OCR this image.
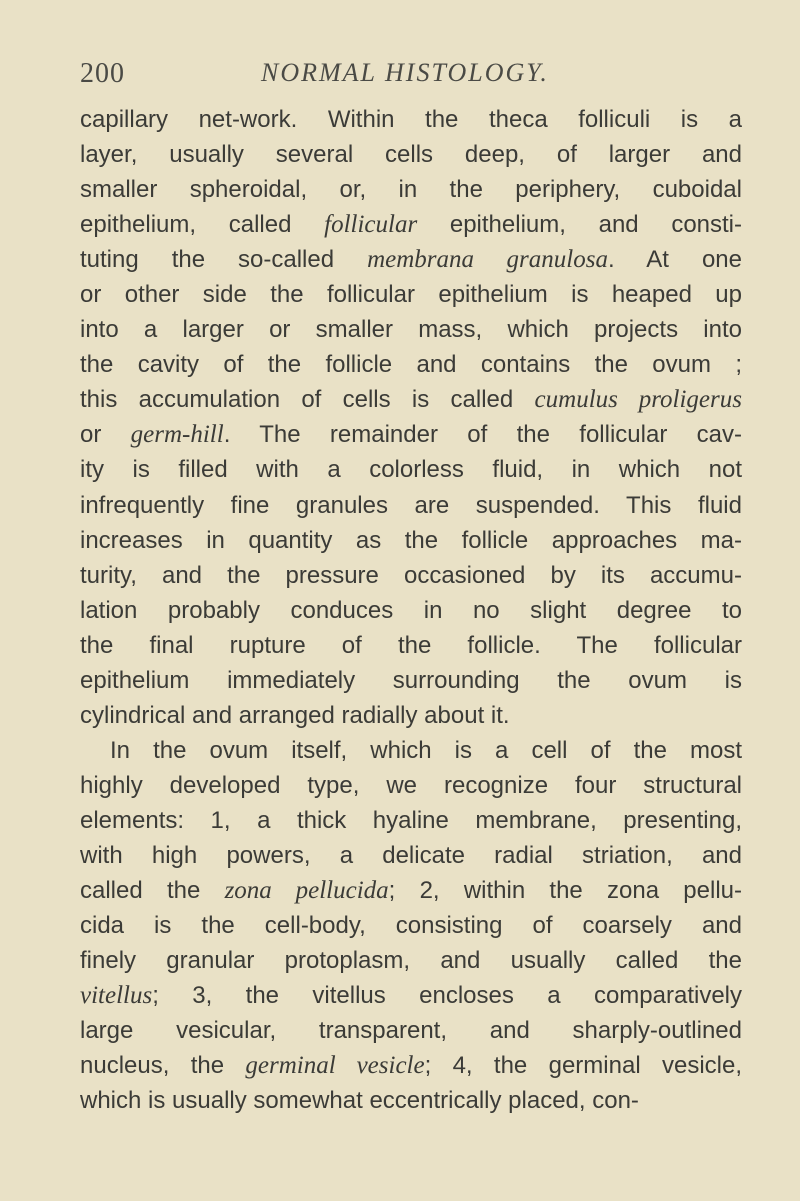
200	NORMAL HISTOLOGY.
capillary net-work. Within the theca folliculi is a
layer, usually several cells deep, of larger and
smaller spheroidal, or, in the periphery, cuboidal
epithelium, called follicular epithelium, and consti-
tuting the so-called membrana granulosa. At one
or other side the follicular epithelium is heaped up
into a larger or smaller mass, which projects into
the cavity of the follicle and contains the ovum ;
this accumulation of cells is called cumulus proligerus
or germ-hill. The remainder of the follicular cav-
ity is filled with a colorless fluid, in which not
infrequently fine granules are suspended. This fluid
increases in quantity as the follicle approaches ma-
turity, and the pressure occasioned by its accumu-
lation probably conduces in no slight degree to
the final rupture of the follicle. The follicular
epithelium immediately surrounding the ovum is
cylindrical and arranged radially about it.
In the ovum itself, which is a cell of the most
highly developed type, we recognize four structural
elements: 1, a thick hyaline membrane, presenting,
with high powers, a delicate radial striation, and
called the zona pellucida; 2, within the zona pellu-
cida is the cell-body, consisting of coarsely and
finely granular protoplasm, and usually called the
vitellus; 3, the vitellus encloses a comparatively
large vesicular, transparent, and sharply-outlined
nucleus, the germinal vesicle; 4, the germinal vesicle,
which is usually somewhat eccentrically placed, con-
